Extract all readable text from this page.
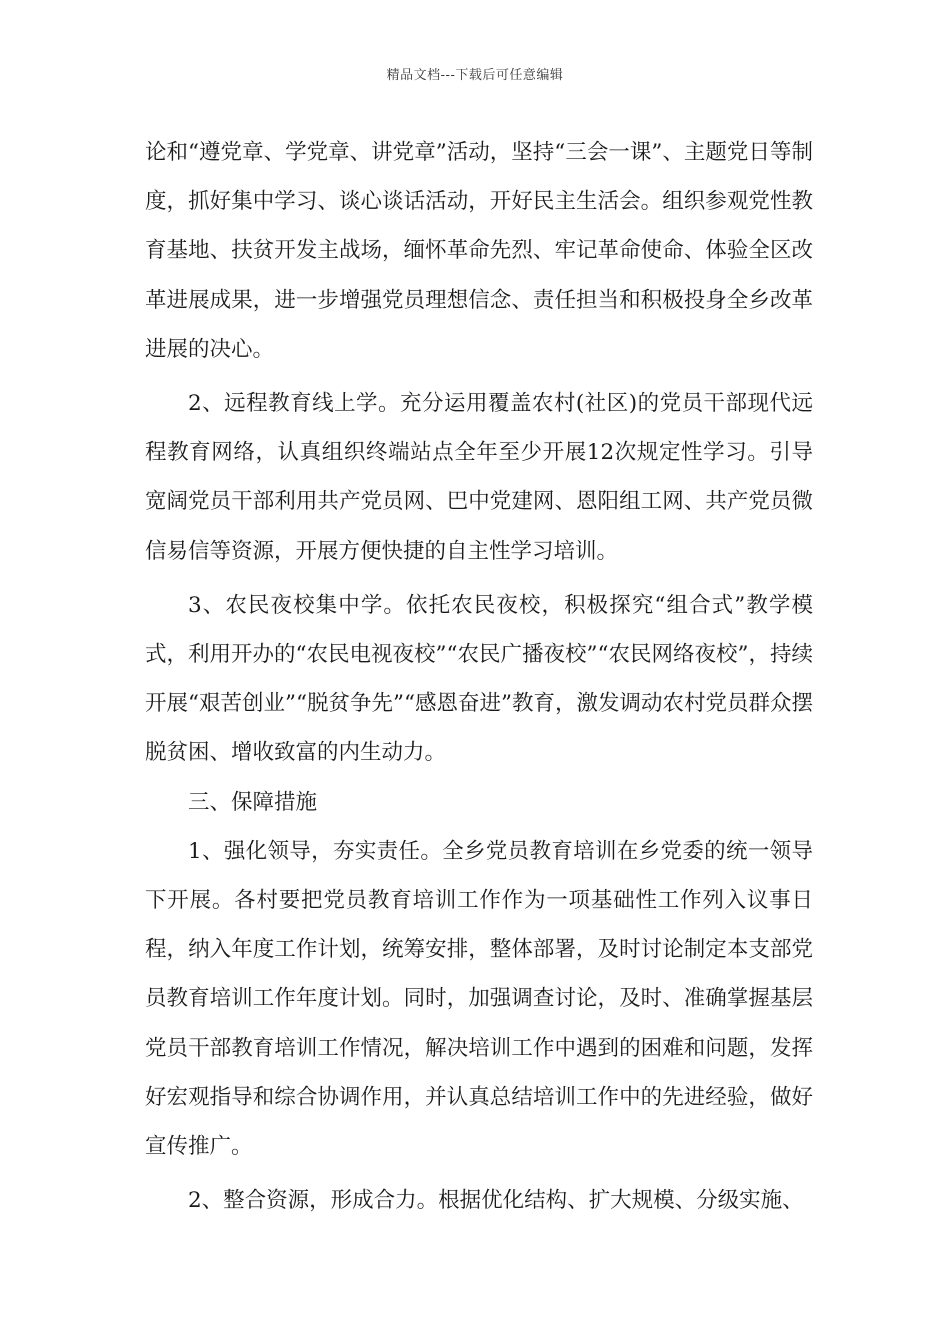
精品文档---下载后可任意编辑

论和“遵党章、学党章、讲党章”活动，坚持“三会一课”、主题党日等制度，抓好集中学习、谈心谈话活动，开好民主生活会。组织参观党性教育基地、扶贫开发主战场，缅怀革命先烈、牢记革命使命、体验全区改革进展成果，进一步增强党员理想信念、责任担当和积极投身全乡改革进展的决心。

2、远程教育线上学。充分运用覆盖农村(社区)的党员干部现代远程教育网络，认真组织终端站点全年至少开展12次规定性学习。引导宽阔党员干部利用共产党员网、巴中党建网、恩阳组工网、共产党员微信易信等资源，开展方便快捷的自主性学习培训。

3、农民夜校集中学。依托农民夜校，积极探究“组合式”教学模式，利用开办的“农民电视夜校”“农民广播夜校”“农民网络夜校”，持续开展“艰苦创业”“脱贫争先”“感恩奋进”教育，激发调动农村党员群众摆脱贫困、增收致富的内生动力。

三、保障措施

1、强化领导，夯实责任。全乡党员教育培训在乡党委的统一领导下开展。各村要把党员教育培训工作作为一项基础性工作列入议事日程，纳入年度工作计划，统筹安排，整体部署，及时讨论制定本支部党员教育培训工作年度计划。同时，加强调查讨论，及时、准确掌握基层党员干部教育培训工作情况，解决培训工作中遇到的困难和问题，发挥好宏观指导和综合协调作用，并认真总结培训工作中的先进经验，做好宣传推广。

2、整合资源，形成合力。根据优化结构、扩大规模、分级实施、
